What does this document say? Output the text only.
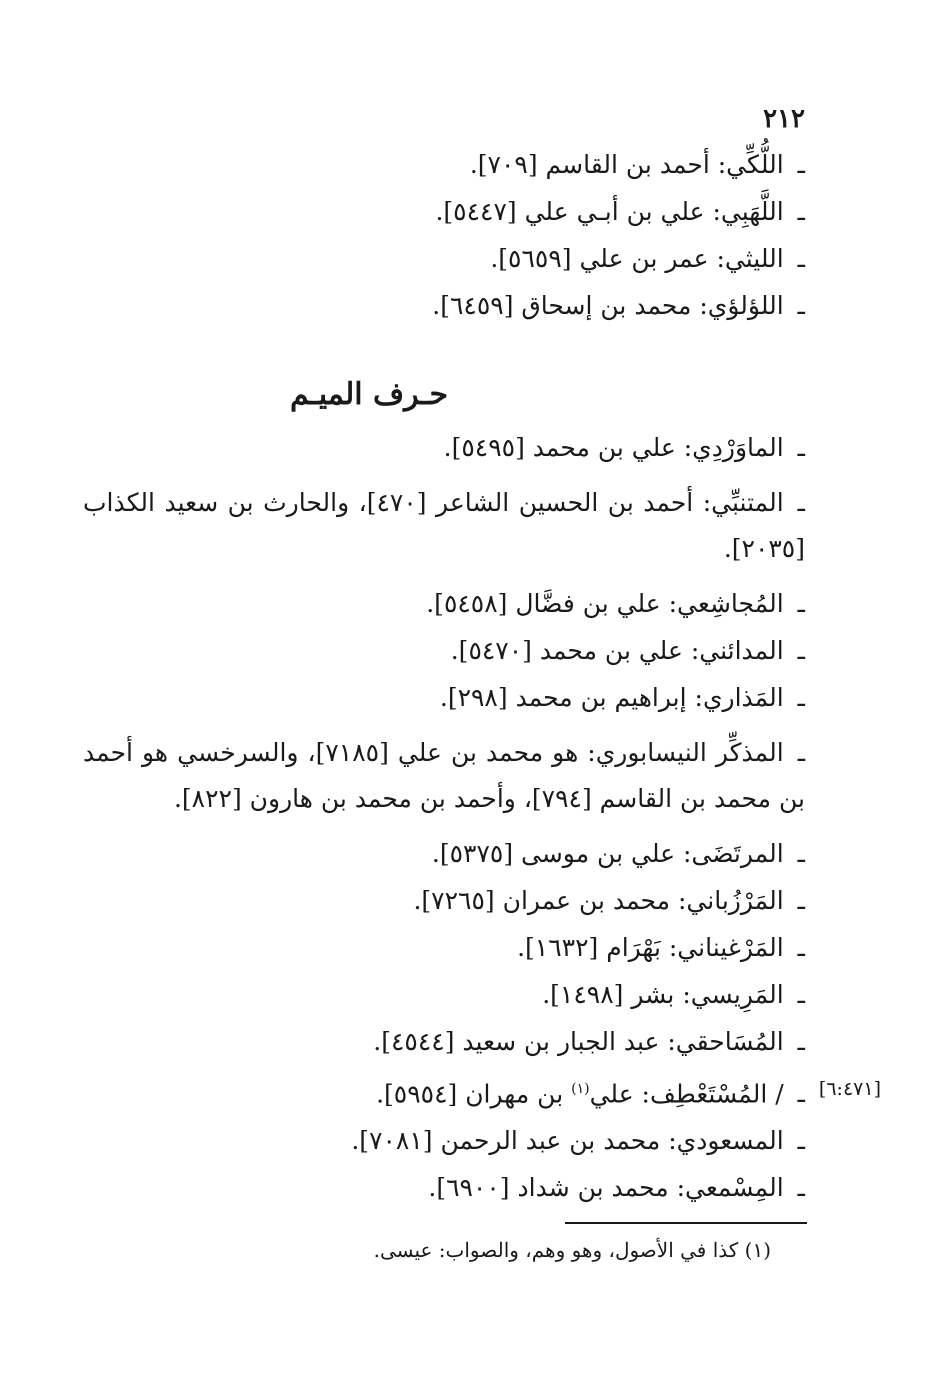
٢١٢
ـاللُّكِّي: أحمد بن القاسم [٧٠٩].
ـاللَّهَبِي: علي بن أبـي علي [٥٤٤٧].
ـالليثي: عمر بن علي [٥٦٥٩].
ـاللؤلؤي: محمد بن إسحاق [٦٤٥٩].
حـرف الميـم
ـالماوَرْدِي: علي بن محمد [٥٤٩٥].
ـالمتنبِّي: أحمد بن الحسين الشاعر [٤٧٠]، والحارث بن سعيد الكذاب [٢٠٣٥].
ـالمُجاشِعي: علي بن فضَّال [٥٤٥٨].
ـالمدائني: علي بن محمد [٥٤٧٠].
ـالمَذاري: إبراهيم بن محمد [٢٩٨].
ـالمذكِّر النيسابوري: هو محمد بن علي [٧١٨٥]، والسرخسي هو أحمد بن محمد بن القاسم [٧٩٤]، وأحمد بن محمد بن هارون [٨٢٢].
ـالمرتَضَى: علي بن موسى [٥٣٧٥].
ـالمَرْزُباني: محمد بن عمران [٧٢٦٥].
ـالمَرْغيناني: بَهْرَام [١٦٣٢].
ـالمَرِيسي: بشر [١٤٩٨].
ـالمُسَاحقي: عبد الجبار بن سعيد [٤٥٤٤].
[٦:٤٧١]
ـ/ المُسْتَعْطِف: علي$^{(١)}$ بن مهران [٥٩٥٤].
ـالمسعودي: محمد بن عبد الرحمن [٧٠٨١].
ـالمِسْمعي: محمد بن شداد [٦٩٠٠].
(١) كذا في الأصول، وهو وهم، والصواب: عيسى.
